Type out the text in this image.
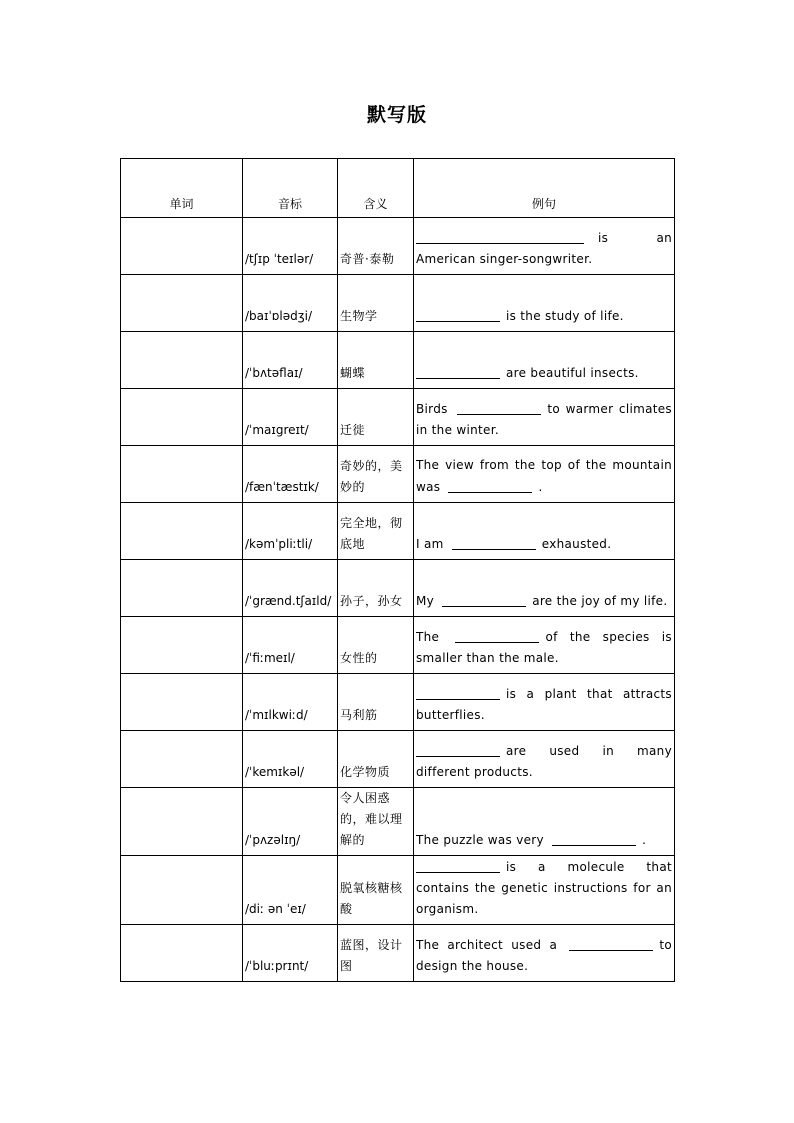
默写版
单词	音标	含义	例句
	/tʃɪp ˈteɪlər/	奇普·泰勒	is an American singer-songwriter.
	/baɪˈɒlədʒi/	生物学	is the study of life.
	/ˈbʌtəflaɪ/	蝴蝶	are beautiful insects.
	/ˈmaɪgreɪt/	迁徙	Birds to warmer climates in the winter.
	/fænˈtæstɪk/	奇妙的，美妙的	The view from the top of the mountain was .
	/kəmˈpliːtli/	完全地，彻底地	I am exhausted.
	/ˈgrænd.tʃaɪld/	孙子，孙女	My are the joy of my life.
	/ˈfiːmeɪl/	女性的	The of the species is smaller than the male.
	/ˈmɪlkwiːd/	马利筋	is a plant that attracts butterflies.
	/ˈkemɪkəl/	化学物质	are used in many different products.
	/ˈpʌzəlɪŋ/	令人困惑的，难以理解的	The puzzle was very .
	/diː ən ˈeɪ/	脱氧核糖核酸	is a molecule that contains the genetic instructions for an organism.
	/ˈbluːprɪnt/	蓝图，设计图	The architect used a to design the house.
